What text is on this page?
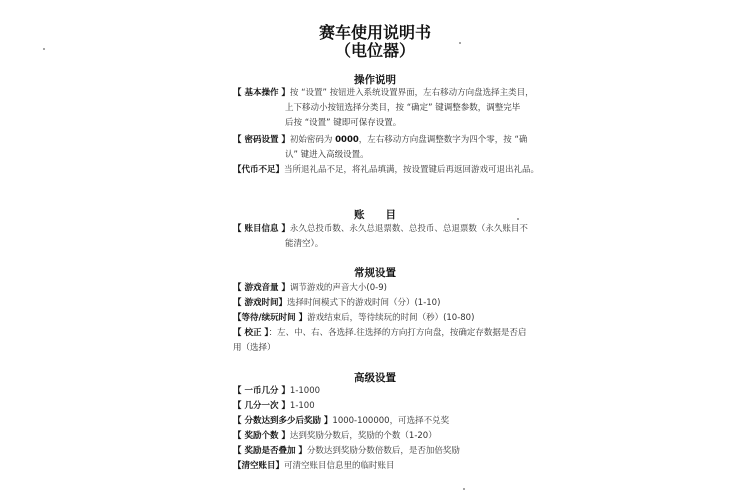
赛车使用说明书
（电位器）
操作说明
【 基本操作 】按 “设置” 按钮进入系统设置界面，左右移动方向盘选择主类目，
上下移动小按钮选择分类目，按 “确定” 键调整参数，调整完毕
后按 “设置” 键即可保存设置。
【 密码设置 】初始密码为 0000，左右移动方向盘调整数字为四个零，按 “确
认” 键进入高级设置。
【代币不足】当所退礼品不足，将礼品填满，按设置键后再返回游戏可退出礼品。
账　　目
【 账目信息 】永久总投币数、永久总退票数、总投币、总退票数（永久账目不
能清空）。
常规设置
【 游戏音量 】调节游戏的声音大小(0-9)
【 游戏时间】选择时间模式下的游戏时间（分）(1-10)
【等待/续玩时间 】游戏结束后，等待续玩的时间（秒）(10-80)
【 校正 】：左、中、右、各选择.往选择的方向打方向盘，按确定存数据是否启
用（选择）
高级设置
【 一币几分 】1-1000
【 几分一次 】1-100
【 分数达到多少后奖励 】1000-100000，可选择不兑奖
【 奖励个数 】达到奖励分数后，奖励的个数（1-20）
【 奖励是否叠加 】分数达到奖励分数倍数后，是否加倍奖励
【清空账目】可清空账目信息里的临时账目
